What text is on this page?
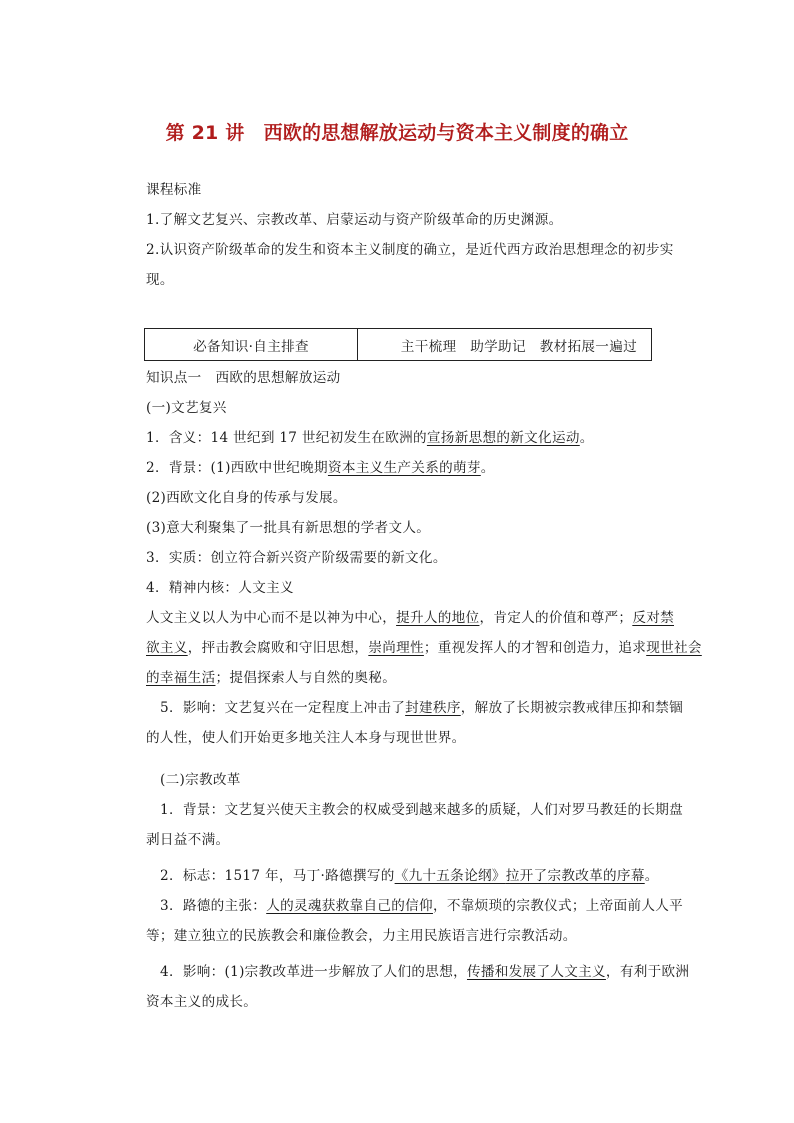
第 21 讲　西欧的思想解放运动与资本主义制度的确立
课程标准
1.了解文艺复兴、宗教改革、启蒙运动与资产阶级革命的历史渊源。
2.认识资产阶级革命的发生和资本主义制度的确立，是近代西方政治思想理念的初步实
现。
必备知识·自主排查	主干梳理　助学助记　教材拓展一遍过
知识点一　西欧的思想解放运动
(一)文艺复兴
1．含义：14 世纪到 17 世纪初发生在欧洲的宣扬新思想的新文化运动。
2．背景：(1)西欧中世纪晚期资本主义生产关系的萌芽。
(2)西欧文化自身的传承与发展。
(3)意大利聚集了一批具有新思想的学者文人。
3．实质：创立符合新兴资产阶级需要的新文化。
4．精神内核：人文主义
人文主义以人为中心而不是以神为中心，提升人的地位，肯定人的价值和尊严；反对禁
欲主义，抨击教会腐败和守旧思想，崇尚理性；重视发挥人的才智和创造力，追求现世社会
的幸福生活；提倡探索人与自然的奥秘。
5．影响：文艺复兴在一定程度上冲击了封建秩序，解放了长期被宗教戒律压抑和禁锢
的人性，使人们开始更多地关注人本身与现世世界。
(二)宗教改革
1．背景：文艺复兴使天主教会的权威受到越来越多的质疑，人们对罗马教廷的长期盘
剥日益不满。
2．标志：1517 年，马丁·路德撰写的《九十五条论纲》拉开了宗教改革的序幕。
3．路德的主张：人的灵魂获救靠自己的信仰，不靠烦琐的宗教仪式；上帝面前人人平
等；建立独立的民族教会和廉俭教会，力主用民族语言进行宗教活动。
4．影响：(1)宗教改革进一步解放了人们的思想，传播和发展了人文主义，有利于欧洲
资本主义的成长。
